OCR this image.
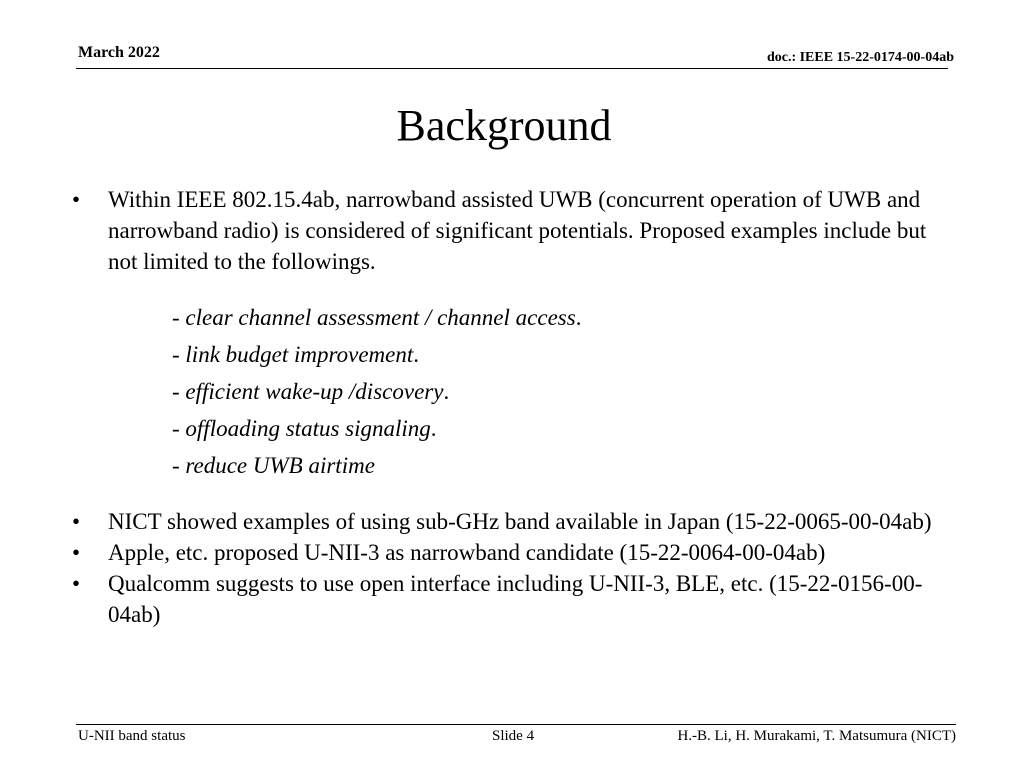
March 2022	doc.: IEEE 15-22-0174-00-04ab
Background
•	Within IEEE 802.15.4ab, narrowband assisted UWB (concurrent operation of UWB and narrowband radio) is considered of significant potentials. Proposed examples include but not limited to the followings.
- clear channel assessment / channel access.
- link budget improvement.
- efficient wake-up /discovery.
- offloading status signaling.
- reduce UWB airtime
•	NICT showed examples of using sub-GHz band available in Japan (15-22-0065-00-04ab)
•	Apple, etc. proposed U-NII-3 as narrowband candidate (15-22-0064-00-04ab)
•	Qualcomm suggests to use open interface including U-NII-3, BLE, etc. (15-22-0156-00-04ab)
U-NII band status	Slide 4	H.-B. Li, H. Murakami, T. Matsumura (NICT)
